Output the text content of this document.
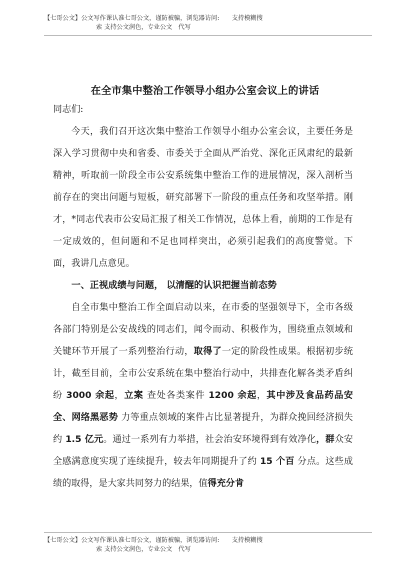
【七哥公文】公文写作课认准七哥公文，谨防被骗，浏览器访问:　　支持模糊搜
索 支持公文润色，专业公文　代写
在全市集中整治工作领导小组办公室会议上的讲话

同志们:

今天，我们召开这次集中整治工作领导小组办公室会议，主要任务是深入学习贯彻中央和省委、市委关于全面从严治党、深化正风肃纪的最新精神，听取前一阶段全市公安系统集中整治工作的进展情况，深入剖析当前存在的突出问题与短板，研究部署下一阶段的重点任务和攻坚举措。刚才，*同志代表市公安局汇报了相关工作情况，总体上看，前期的工作是有一定成效的，但问题和不足也同样突出，必须引起我们的高度警觉。下面，我讲几点意见。

一、正视成绩与问题， 以清醒的认识把握当前态势

自全市集中整治工作全面启动以来，在市委的坚强领导下，全市各级各部门特别是公安战线的同志们，闻令而动、积极作为，围绕重点领域和关键环节开展了一系列整治行动，取得了一定的阶段性成果。根据初步统计，截至目前，全市公安系统在集中整治行动中，共排查化解各类矛盾纠纷 3000 余起，立案 查处各类案件 1200 余起，其中涉及食品药品安全、网络黑恶势 力等重点领域的案件占比显著提升，为群众挽回经济损失约 1.5 亿元。通过一系列有力举措，社会治安环境得到有效净化，群众安全感满意度实现了连续提升，较去年同期提升了约 15 个百 分点。这些成绩的取得，是大家共同努力的结果，值得充分肯

【七哥公文】公文写作课认准七哥公文，谨防被骗，浏览器访问:　　支持模糊搜
索 支持公文润色，专业公文　代写
